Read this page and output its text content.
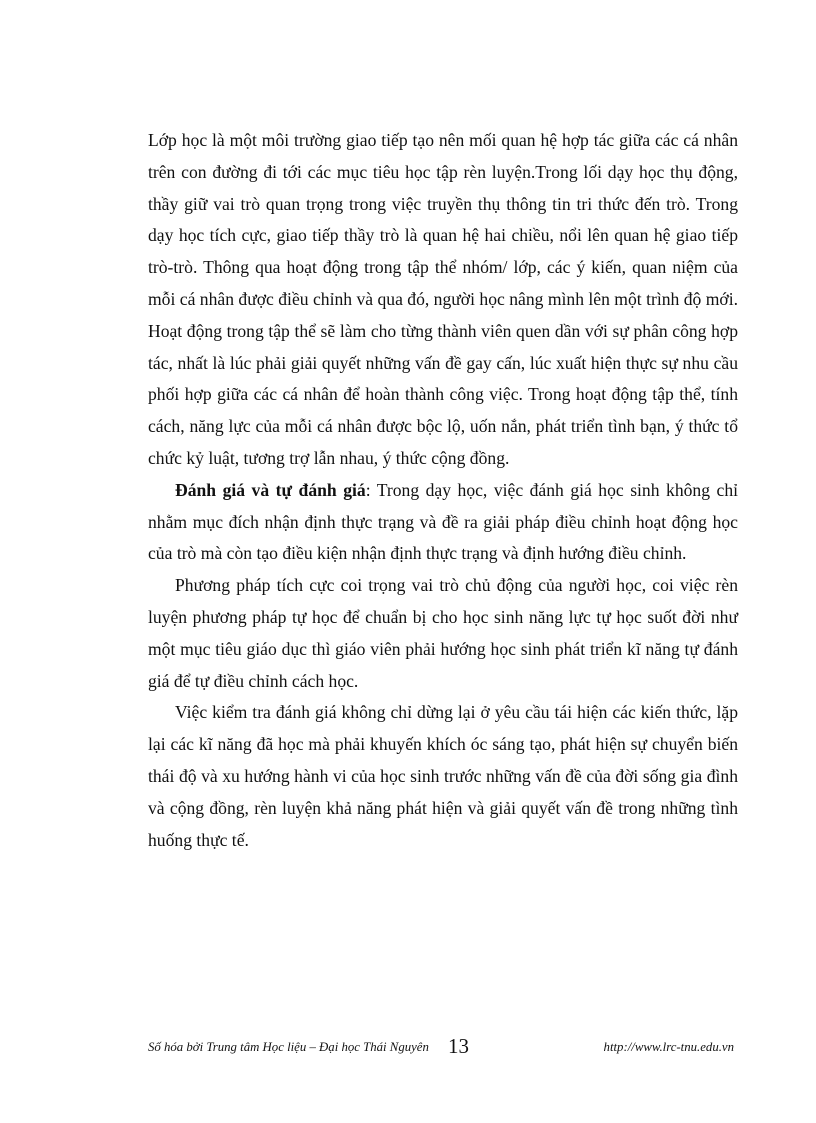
Lớp học là một môi trường giao tiếp tạo nên mối quan hệ hợp tác giữa các cá nhân trên con đường đi tới các mục tiêu học tập rèn luyện.Trong lối dạy học thụ động, thầy giữ vai trò quan trọng trong việc truyền thụ thông tin tri thức đến trò. Trong dạy học tích cực, giao tiếp thầy trò là quan hệ hai chiều, nổi lên quan hệ giao tiếp trò-trò. Thông qua hoạt động trong tập thể nhóm/ lớp, các ý kiến, quan niệm của mỗi cá nhân được điều chỉnh và qua đó, người học nâng mình lên một trình độ mới. Hoạt động trong tập thể sẽ làm cho từng thành viên quen dần với sự phân công hợp tác, nhất là lúc phải giải quyết những vấn đề gay cấn, lúc xuất hiện thực sự nhu cầu phối hợp giữa các cá nhân để hoàn thành công việc. Trong hoạt động tập thể, tính cách, năng lực của mỗi cá nhân được bộc lộ, uốn nắn, phát triển tình bạn, ý thức tổ chức kỷ luật, tương trợ lẫn nhau, ý thức cộng đồng.

Đánh giá và tự đánh giá: Trong dạy học, việc đánh giá học sinh không chỉ nhằm mục đích nhận định thực trạng và đề ra giải pháp điều chỉnh hoạt động học của trò mà còn tạo điều kiện nhận định thực trạng và định hướng điều chỉnh.

Phương pháp tích cực coi trọng vai trò chủ động của người học, coi việc rèn luyện phương pháp tự học để chuẩn bị cho học sinh năng lực tự học suốt đời như một mục tiêu giáo dục thì giáo viên phải hướng học sinh phát triển kĩ năng tự đánh giá để tự điều chỉnh cách học.

Việc kiểm tra đánh giá không chỉ dừng lại ở yêu cầu tái hiện các kiến thức, lặp lại các kĩ năng đã học mà phải khuyến khích óc sáng tạo, phát hiện sự chuyển biến thái độ và xu hướng hành vi của học sinh trước những vấn đề của đời sống gia đình và cộng đồng, rèn luyện khả năng phát hiện và giải quyết vấn đề trong những tình huống thực tế.

Số hóa bởi Trung tâm Học liệu – Đại học Thái Nguyên 13	http://www.lrc-tnu.edu.vn
